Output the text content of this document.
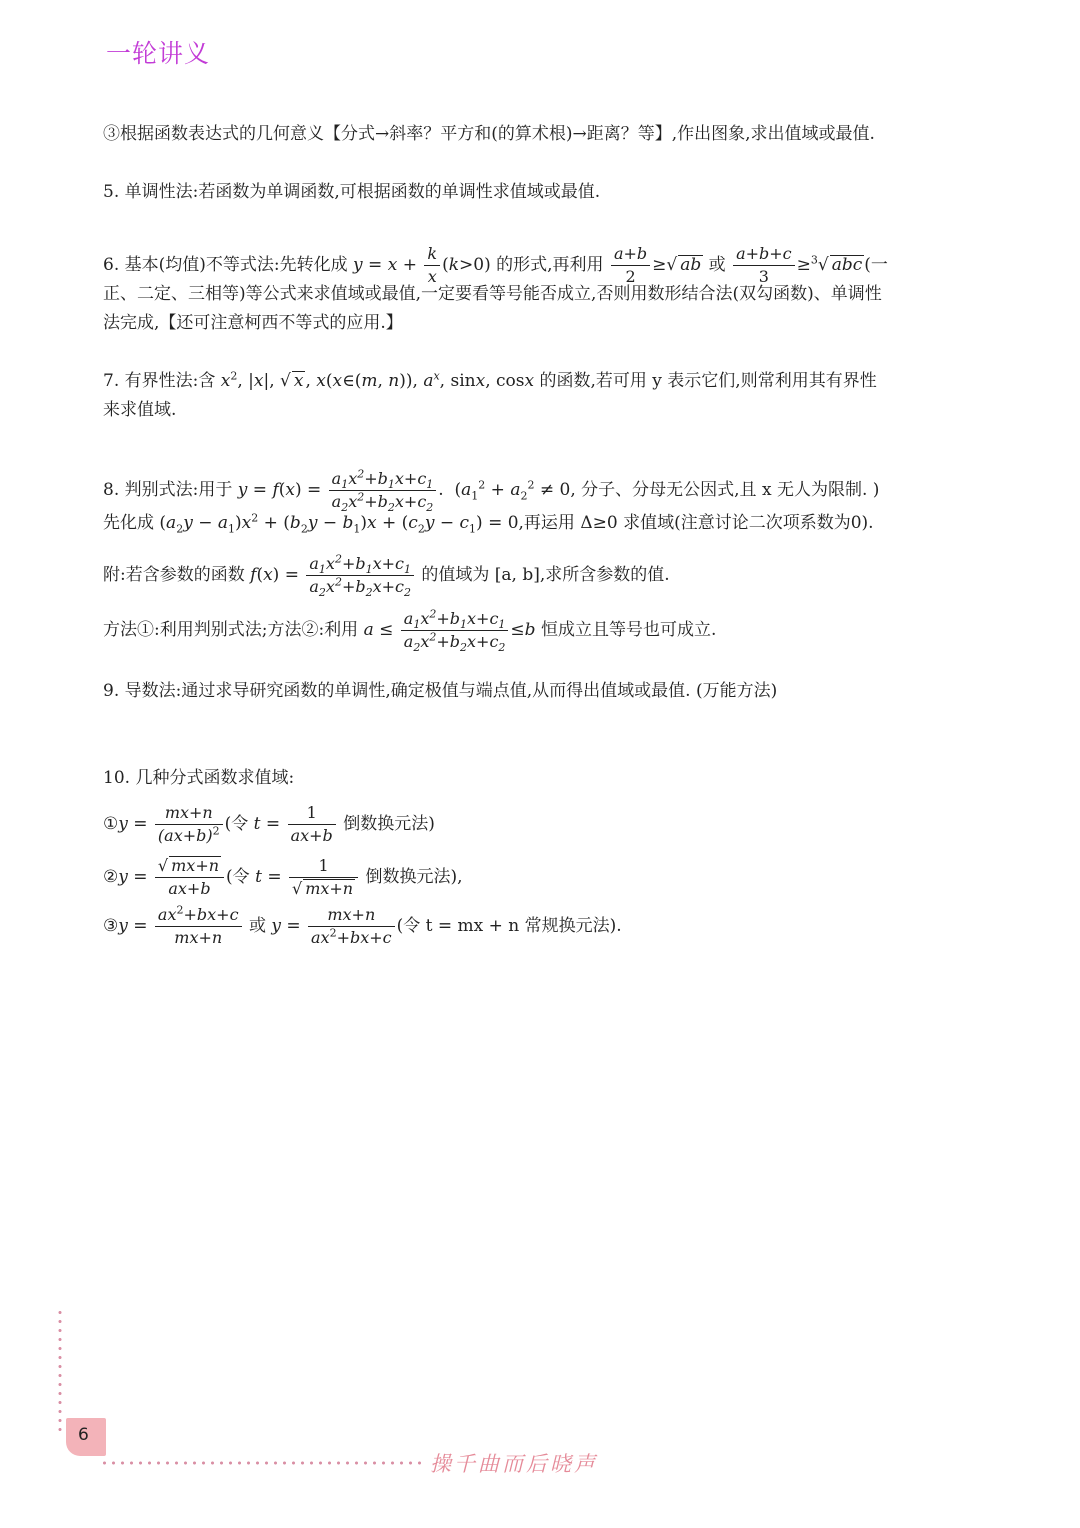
一轮讲义
③根据函数表达式的几何意义【分式→斜率？平方和(的算术根)→距离？等】,作出图象,求出值域或最值.
5. 单调性法:若函数为单调函数,可根据函数的单调性求值域或最值.
6. 基本(均值)不等式法:先转化成 $y = x + \frac{k}{x} (k>0)$ 的形式,再利用 $\frac{a+b}{2}$ ≥√ ab 或 $\frac{a+b+c}{3} \ge^3√$ abc (一
正、二定、三相等)等公式来求值域或最值,一定要看等号能否成立,否则用数形结合法(双勾函数)、单调性
法完成,【还可注意柯西不等式的应用.】
7. 有界性法:含 $x^2$, |x|, √ x , x(x∈(m, n)), $a^x$, sinx, cosx 的函数,若可用 y 表示它们,则常利用其有界性
来求值域.
8. 判别式法:用于 $y = f(x) = \frac{a_1x^2+b_1x+c_1}{a_2x^2+b_2x+c_2}$ .  ($a_1^2 + a_2^2 \ne 0$, 分子、分母无公因式,且 x 无人为限制. )
先化成 $(a_2y - a_1)x^2 + (b_2y - b_1)x + (c_2y - c_1) = 0$,再运用 Δ≥0 求值域(注意讨论二次项系数为0).
附:若含参数的函数 $f(x) = \frac{a_1x^2+b_1x+c_1}{a_2x^2+b_2x+c_2}$ 的值域为 [a, b],求所含参数的值.
方法①:利用判别式法;方法②:利用 $a \le \frac{a_1x^2+b_1x+c_1}{a_2x^2+b_2x+c_2} \le b$ 恒成立且等号也可成立.
9. 导数法:通过求导研究函数的单调性,确定极值与端点值,从而得出值域或最值. (万能方法)
10. 几种分式函数求值域:
①y = $\frac{mx+n}{(ax+b)^2}$ (令 $t = \frac{1}{ax+b}$ 倒数换元法)
②y = $\frac{√ mx+n}{ax+b}$ (令 $t = \frac{1}{√ mx+n}$ 倒数换元法),
③y = $\frac{ax^2+bx+c}{mx+n}$ 或 $y = \frac{mx+n}{ax^2+bx+c}$ (令 t = mx + n 常规换元法).
6
操千曲而后晓声
